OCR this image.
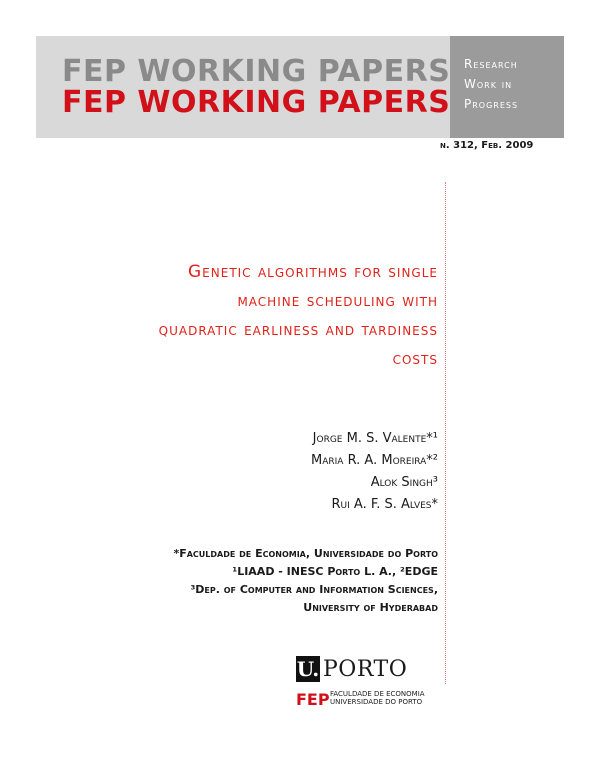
FEP WORKING PAPERS
FEP WORKING PAPERS
Research
Work in
Progress
n. 312, Feb. 2009
Genetic algorithms for single
machine scheduling with
quadratic earliness and tardiness
costs
Jorge M. S. Valente*¹
Maria R. A. Moreira*²
Alok Singh³
Rui A. F. S. Alves*
*Faculdade de Economia, Universidade do Porto
¹LIAAD - INESC Porto L. A., ²EDGE
³Dep. of Computer and Information Sciences,
University of Hyderabad
U. PORTO
FEP FACULDADE DE ECONOMIA
UNIVERSIDADE DO PORTO
